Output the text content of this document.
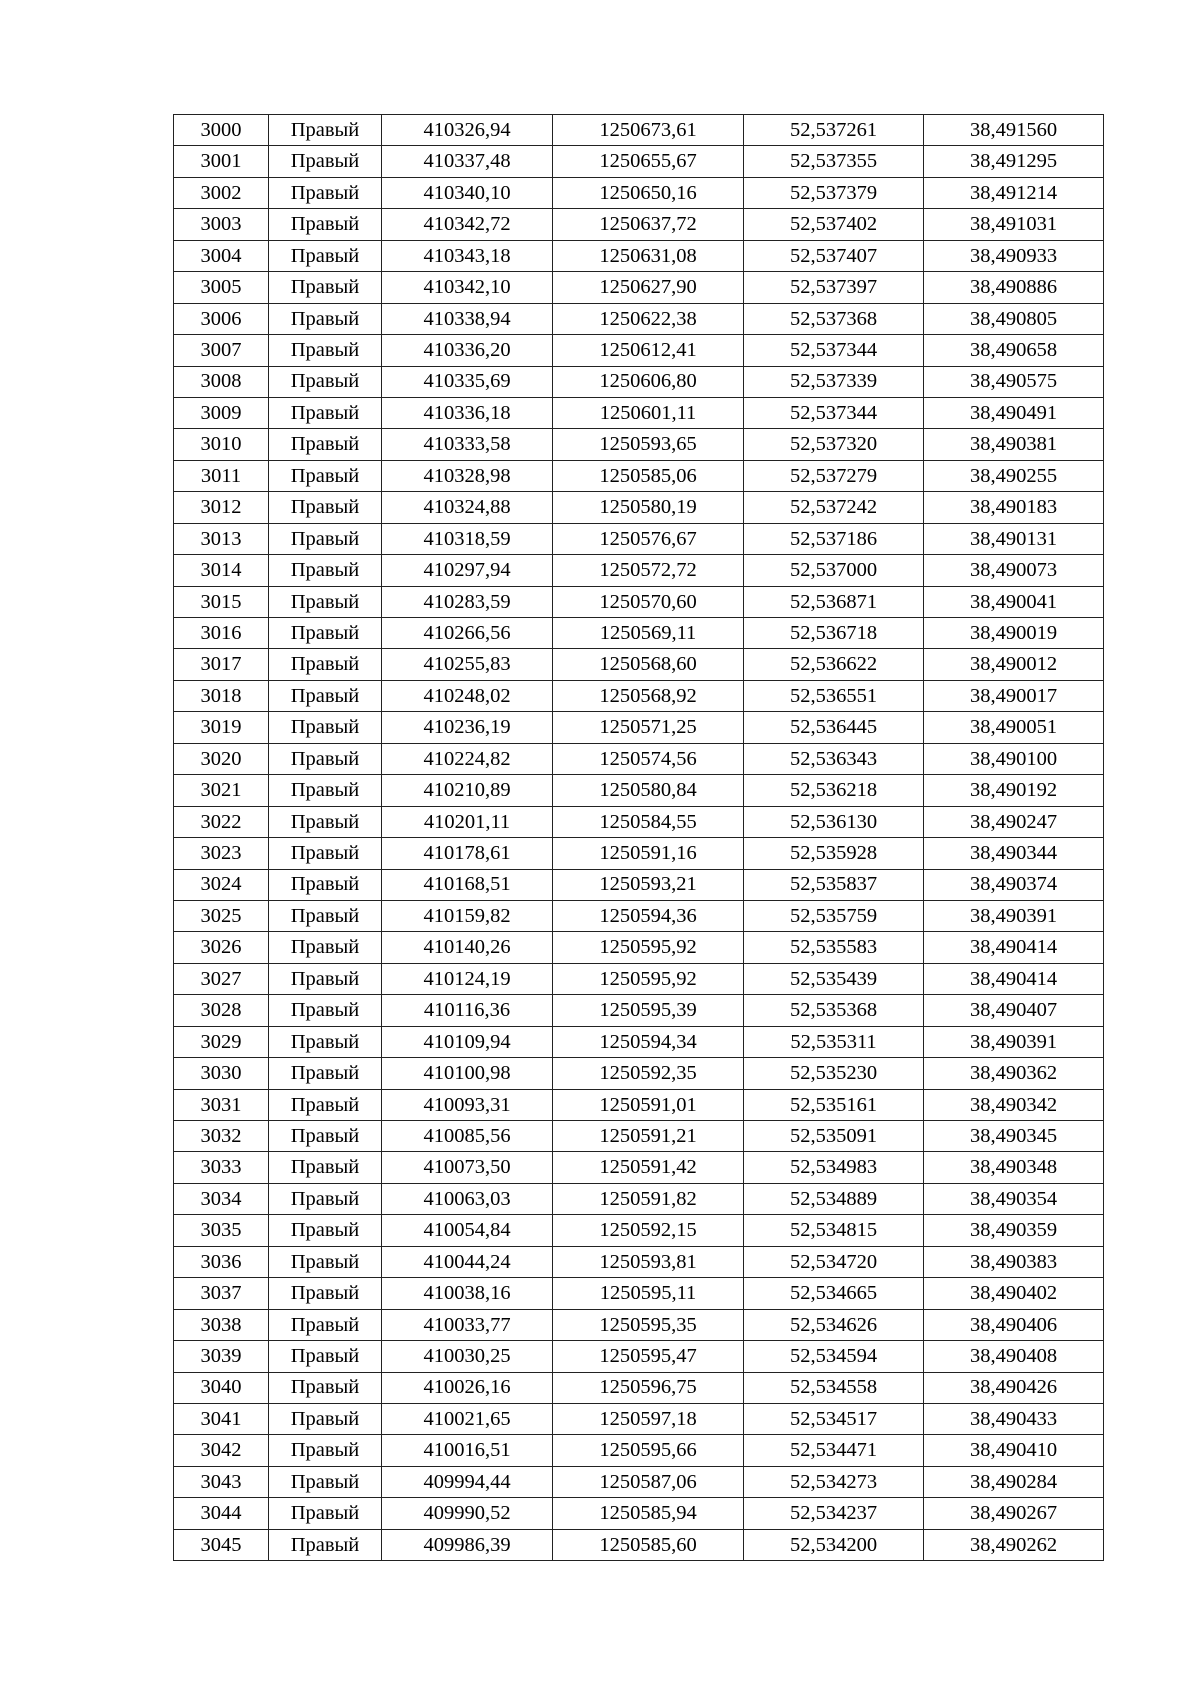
3000	Правый	410326,94	1250673,61	52,537261	38,491560
3001	Правый	410337,48	1250655,67	52,537355	38,491295
3002	Правый	410340,10	1250650,16	52,537379	38,491214
3003	Правый	410342,72	1250637,72	52,537402	38,491031
3004	Правый	410343,18	1250631,08	52,537407	38,490933
3005	Правый	410342,10	1250627,90	52,537397	38,490886
3006	Правый	410338,94	1250622,38	52,537368	38,490805
3007	Правый	410336,20	1250612,41	52,537344	38,490658
3008	Правый	410335,69	1250606,80	52,537339	38,490575
3009	Правый	410336,18	1250601,11	52,537344	38,490491
3010	Правый	410333,58	1250593,65	52,537320	38,490381
3011	Правый	410328,98	1250585,06	52,537279	38,490255
3012	Правый	410324,88	1250580,19	52,537242	38,490183
3013	Правый	410318,59	1250576,67	52,537186	38,490131
3014	Правый	410297,94	1250572,72	52,537000	38,490073
3015	Правый	410283,59	1250570,60	52,536871	38,490041
3016	Правый	410266,56	1250569,11	52,536718	38,490019
3017	Правый	410255,83	1250568,60	52,536622	38,490012
3018	Правый	410248,02	1250568,92	52,536551	38,490017
3019	Правый	410236,19	1250571,25	52,536445	38,490051
3020	Правый	410224,82	1250574,56	52,536343	38,490100
3021	Правый	410210,89	1250580,84	52,536218	38,490192
3022	Правый	410201,11	1250584,55	52,536130	38,490247
3023	Правый	410178,61	1250591,16	52,535928	38,490344
3024	Правый	410168,51	1250593,21	52,535837	38,490374
3025	Правый	410159,82	1250594,36	52,535759	38,490391
3026	Правый	410140,26	1250595,92	52,535583	38,490414
3027	Правый	410124,19	1250595,92	52,535439	38,490414
3028	Правый	410116,36	1250595,39	52,535368	38,490407
3029	Правый	410109,94	1250594,34	52,535311	38,490391
3030	Правый	410100,98	1250592,35	52,535230	38,490362
3031	Правый	410093,31	1250591,01	52,535161	38,490342
3032	Правый	410085,56	1250591,21	52,535091	38,490345
3033	Правый	410073,50	1250591,42	52,534983	38,490348
3034	Правый	410063,03	1250591,82	52,534889	38,490354
3035	Правый	410054,84	1250592,15	52,534815	38,490359
3036	Правый	410044,24	1250593,81	52,534720	38,490383
3037	Правый	410038,16	1250595,11	52,534665	38,490402
3038	Правый	410033,77	1250595,35	52,534626	38,490406
3039	Правый	410030,25	1250595,47	52,534594	38,490408
3040	Правый	410026,16	1250596,75	52,534558	38,490426
3041	Правый	410021,65	1250597,18	52,534517	38,490433
3042	Правый	410016,51	1250595,66	52,534471	38,490410
3043	Правый	409994,44	1250587,06	52,534273	38,490284
3044	Правый	409990,52	1250585,94	52,534237	38,490267
3045	Правый	409986,39	1250585,60	52,534200	38,490262
